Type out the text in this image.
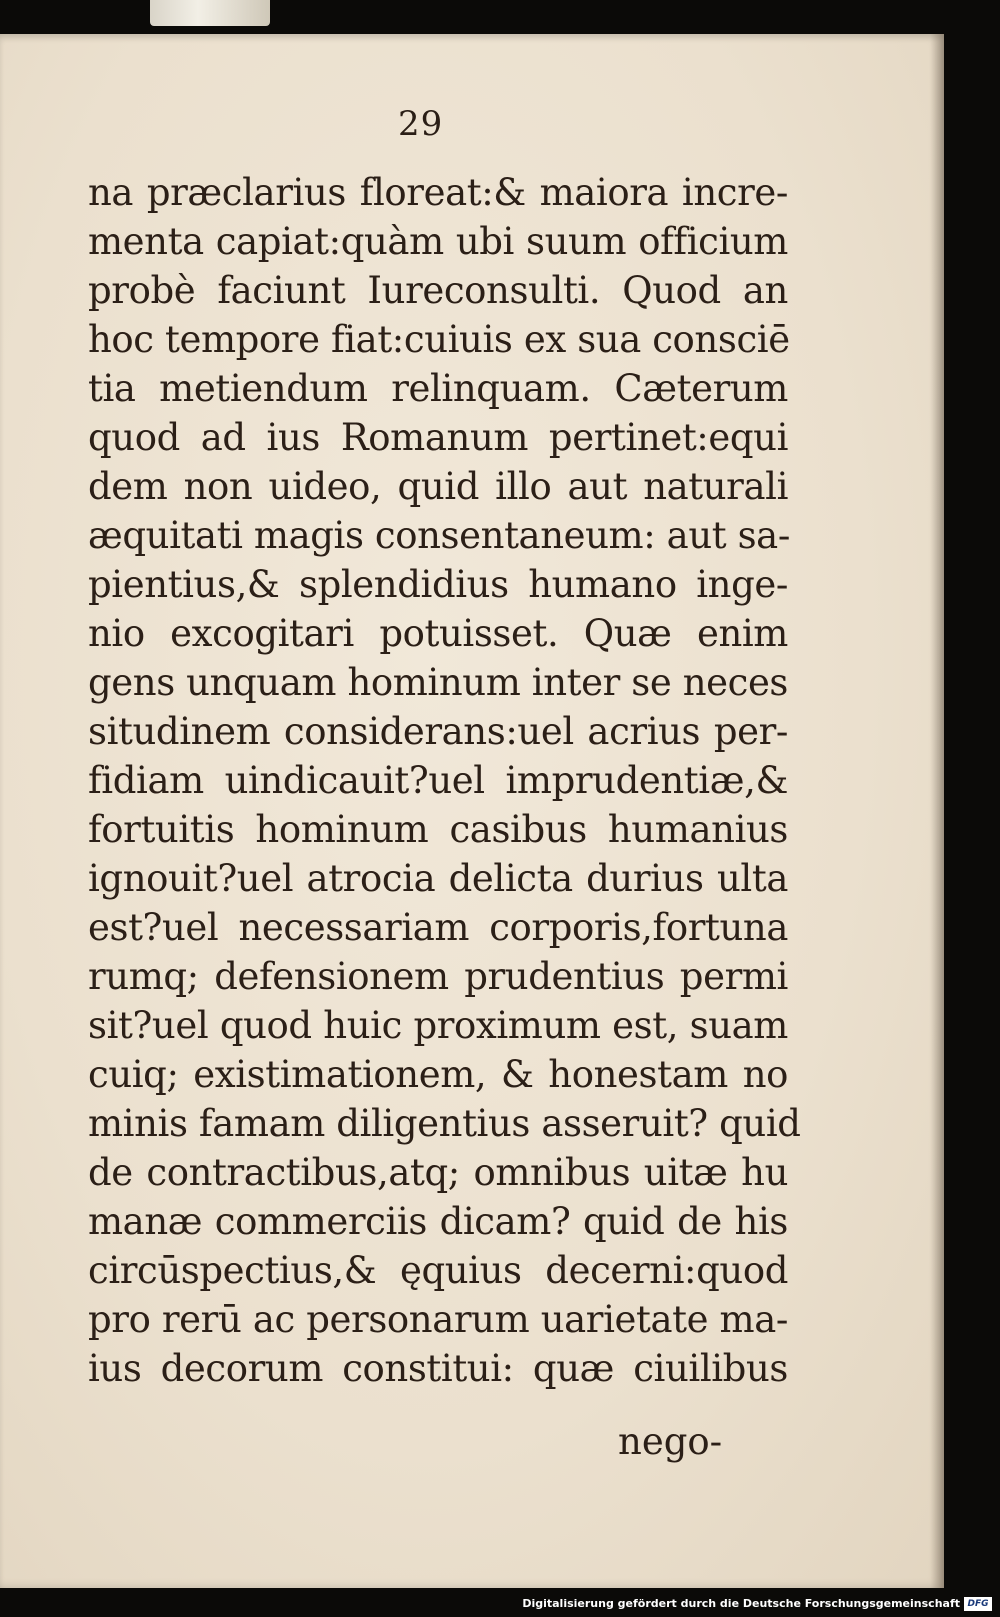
29
na præclarius floreat:& maiora incre-
menta capiat:quàm ubi suum officium
probè faciunt Iureconsulti. Quod an
hoc tempore fiat:cuiuis ex sua consciē
tia metiendum relinquam. Cæterum
quod ad ius Romanum pertinet:equi
dem non uideo, quid illo aut naturali
æquitati magis consentaneum: aut sa-
pientius,& splendidius humano inge-
nio excogitari potuisset. Quæ enim
gens unquam hominum inter se neces
situdinem considerans:uel acrius per-
fidiam uindicauit?uel imprudentiæ,&
fortuitis hominum casibus humanius
ignouit?uel atrocia delicta durius ulta
est?uel necessariam corporis,fortuna
rumq; defensionem prudentius permi
sit?uel quod huic proximum est, suam
cuiq; existimationem, & honestam no
minis famam diligentius asseruit? quid
de contractibus,atq; omnibus uitæ hu
manæ commerciis dicam? quid de his
circūspectius,& ęquius decerni:quod
pro rerū ac personarum uarietate ma-
ius decorum constitui: quæ ciuilibus
nego-
Digitalisierung gefördert durch die Deutsche Forschungsgemeinschaft DFG
